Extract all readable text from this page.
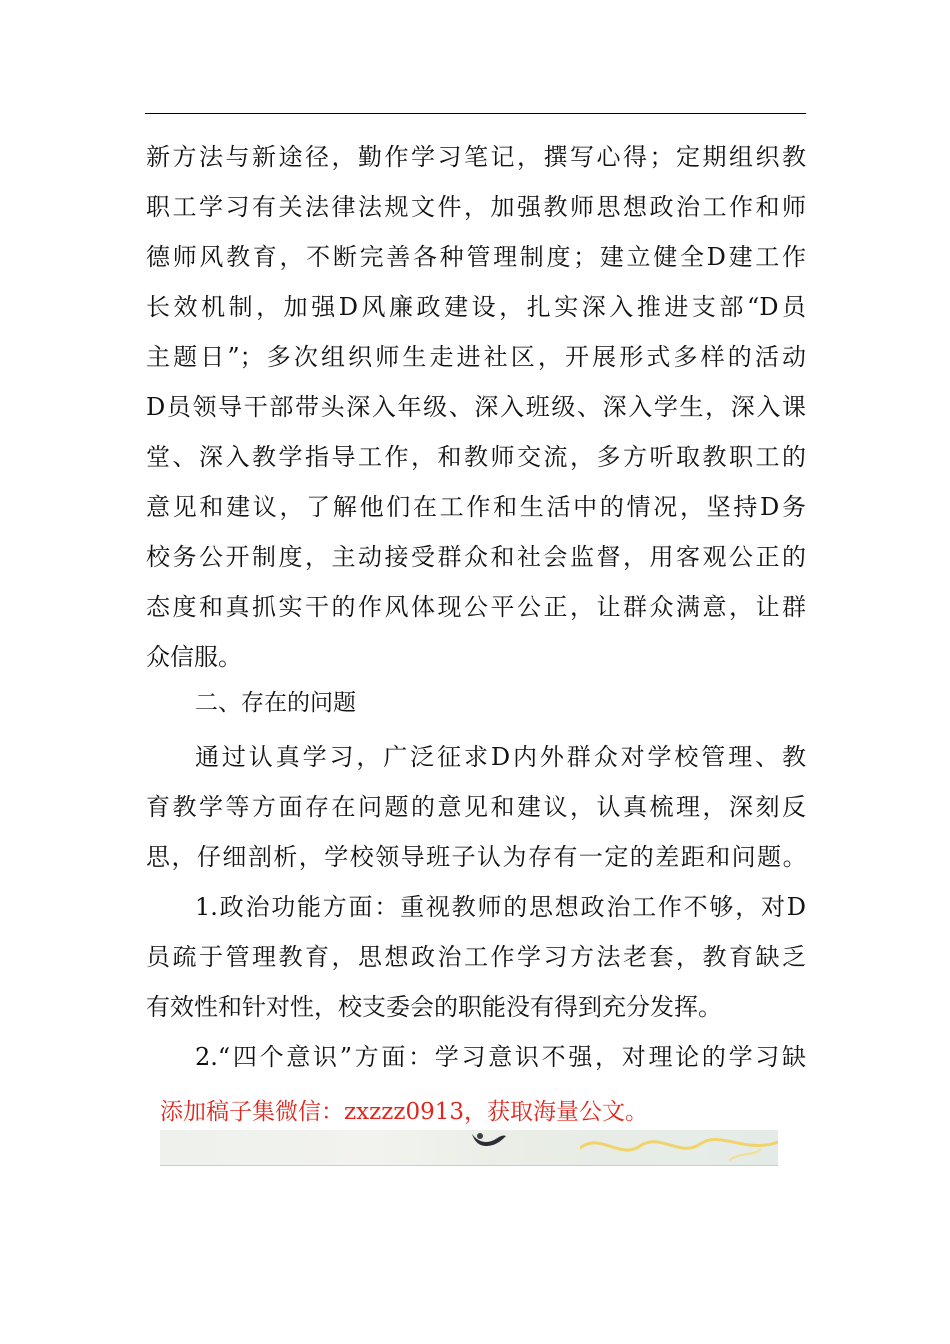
新方法与新途径，勤作学习笔记，撰写心得；定期组织教
职工学习有关法律法规文件，加强教师思想政治工作和师
德师风教育，不断完善各种管理制度；建立健全D建工作
长效机制，加强D风廉政建设，扎实深入推进支部“D员
主题日”；多次组织师生走进社区，开展形式多样的活动
D员领导干部带头深入年级、深入班级、深入学生，深入课
堂、深入教学指导工作，和教师交流，多方听取教职工的
意见和建议，了解他们在工作和生活中的情况，坚持D务
校务公开制度，主动接受群众和社会监督，用客观公正的
态度和真抓实干的作风体现公平公正，让群众满意，让群
众信服。
二、存在的问题
通过认真学习，广泛征求D内外群众对学校管理、教
育教学等方面存在问题的意见和建议，认真梳理，深刻反
思，仔细剖析，学校领导班子认为存有一定的差距和问题。
1.政治功能方面：重视教师的思想政治工作不够，对D
员疏于管理教育，思想政治工作学习方法老套，教育缺乏
有效性和针对性，校支委会的职能没有得到充分发挥。
2.“四个意识”方面：学习意识不强，对理论的学习缺
添加稿子集微信：zxzzz0913，获取海量公文。
